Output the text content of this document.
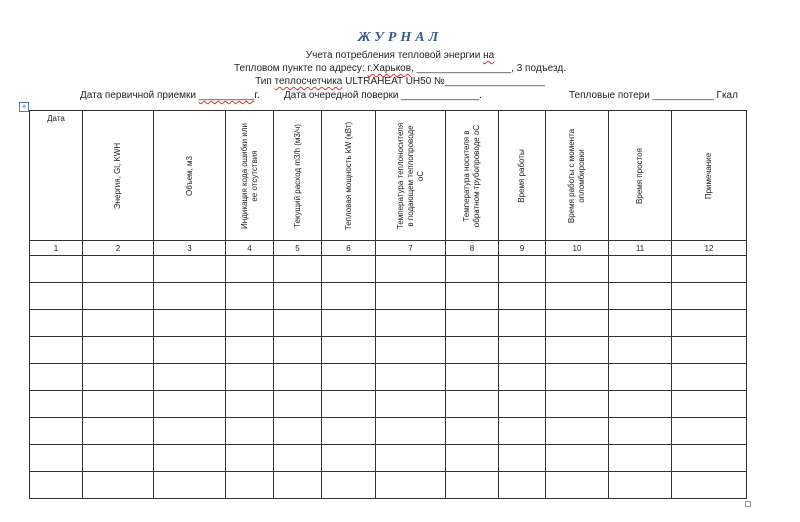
ЖУРНАЛ
Учета потребления тепловой энергии на
Тепловом пункте по адресу: г.Харьков, _________________, 3 подъезд.
Тип теплосчетчика ULTRAHEAT UH50 №__________________
Дата первичной приемки __________г. Дата очередной поверки ______________.	Тепловые потери ___________ Гкал
+
Дата	Энергия, Gl, KWH	Объем, м3	Индикация кода ошибки или ее отсутствия	Текущий расход m3/h (м3/ч)	Тепловая мощность kW (кВт)	Температура теплоносителя в подающем теплопроводе oC	Температура носителя в обратном трубопроводе oC	Время работы	Время работы с момента опломбировки	Время простоя	Примечание

1	2	3	4	5	6	7	8	9	10	11	12
